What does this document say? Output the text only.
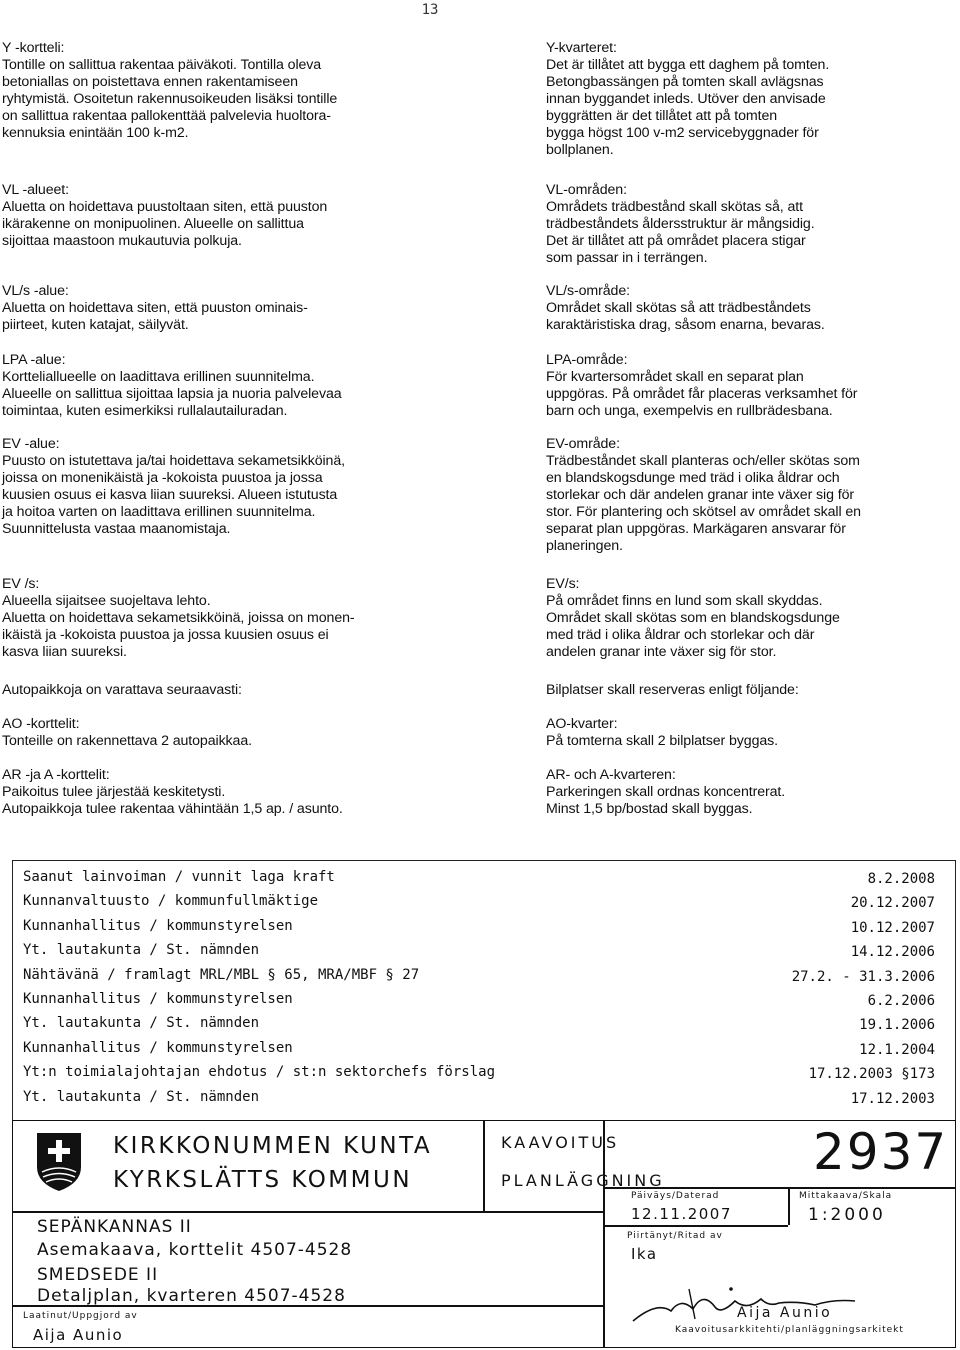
13
Y -kortteli:
Tontille on sallittua rakentaa päiväkoti. Tontilla oleva
betoniallas on poistettava ennen rakentamiseen
ryhtymistä. Osoitetun rakennusoikeuden lisäksi tontille
on sallittua rakentaa pallokenttää palvelevia huoltora-
kennuksia enintään 100 k-m2.
VL -alueet:
Aluetta on hoidettava puustoltaan siten, että puuston
ikärakenne on monipuolinen. Alueelle on sallittua
sijoittaa maastoon mukautuvia polkuja.
VL/s -alue:
Aluetta on hoidettava siten, että puuston ominais-
piirteet, kuten katajat, säilyvät.
LPA -alue:
Kortteliallueelle on laadittava erillinen suunnitelma.
Alueelle on sallittua sijoittaa lapsia ja nuoria palvelevaa
toimintaa, kuten esimerkiksi rullalautailuradan.
EV -alue:
Puusto on istutettava ja/tai hoidettava sekametsikköinä,
joissa on monenikäistä ja -kokoista puustoa ja jossa
kuusien osuus ei kasva liian suureksi. Alueen istutusta
ja hoitoa varten on laadittava erillinen suunnitelma.
Suunnittelusta vastaa maanomistaja.
EV /s:
Alueella sijaitsee suojeltava lehto.
Aluetta on hoidettava sekametsikköinä, joissa on monen-
ikäistä ja -kokoista puustoa ja jossa kuusien osuus ei
kasva liian suureksi.
Autopaikkoja on varattava seuraavasti:
AO -korttelit:
Tonteille on rakennettava 2 autopaikkaa.
AR -ja A -korttelit:
Paikoitus tulee järjestää keskitetysti.
Autopaikkoja tulee rakentaa vähintään 1,5 ap. / asunto.
Y-kvarteret:
Det är tillåtet att bygga ett daghem på tomten.
Betongbassängen på tomten skall avlägsnas
innan byggandet inleds. Utöver den anvisade
byggrätten är det tillåtet att på tomten
bygga högst 100 v-m2 servicebyggnader för
bollplanen.
VL-områden:
Områdets trädbestånd skall skötas så, att
trädbeståndets åldersstruktur är mångsidig.
Det är tillåtet att på området placera stigar
som passar in i terrängen.
VL/s-område:
Området skall skötas så att trädbeståndets
karaktäristiska drag, såsom enarna, bevaras.
LPA-område:
För kvartersområdet skall en separat plan
uppgöras. På området får placeras verksamhet för
barn och unga, exempelvis en rullbrädesbana.
EV-område:
Trädbeståndet skall planteras och/eller skötas som
en blandskogsdunge med träd i olika åldrar och
storlekar och där andelen granar inte växer sig för
stor. För plantering och skötsel av området skall en
separat plan uppgöras. Markägaren ansvarar för
planeringen.
EV/s:
På området finns en lund som skall skyddas.
Området skall skötas som en blandskogsdunge
med träd i olika åldrar och storlekar och där
andelen granar inte växer sig för stor.
Bilplatser skall reserveras enligt följande:
AO-kvarter:
På tomterna skall 2 bilplatser byggas.
AR- och A-kvarteren:
Parkeringen skall ordnas koncentrerat.
Minst 1,5 bp/bostad skall byggas.
Saanut lainvoiman / vunnit laga kraft	8.2.2008
Kunnanvaltuusto / kommunfullmäktige	20.12.2007
Kunnanhallitus / kommunstyrelsen	10.12.2007
Yt. lautakunta / St. nämnden	14.12.2006
Nähtävänä / framlagt MRL/MBL § 65, MRA/MBF § 27	27.2. - 31.3.2006
Kunnanhallitus / kommunstyrelsen	6.2.2006
Yt. lautakunta / St. nämnden	19.1.2006
Kunnanhallitus / kommunstyrelsen	12.1.2004
Yt:n toimialajohtajan ehdotus / st:n sektorchefs förslag	17.12.2003 §173
Yt. lautakunta / St. nämnden	17.12.2003
KIRKKONUMMEN KUNTA
KYRKSLÄTTS KOMMUN
KAAVOITUS
PLANLÄGGNING	2937
SEPÄNKANNAS II
Asemakaava, korttelit 4507-4528
SMEDSEDE II
Detaljplan, kvarteren 4507-4528
Laatinut/Uppgjord av
Aija Aunio
Päiväys/Daterad
12.11.2007
Mittakaava/Skala
1:2000
Piirtänyt/Ritad av
Ika
Aija Aunio
Kaavoitusarkkitehti/planläggningsarkitekt
